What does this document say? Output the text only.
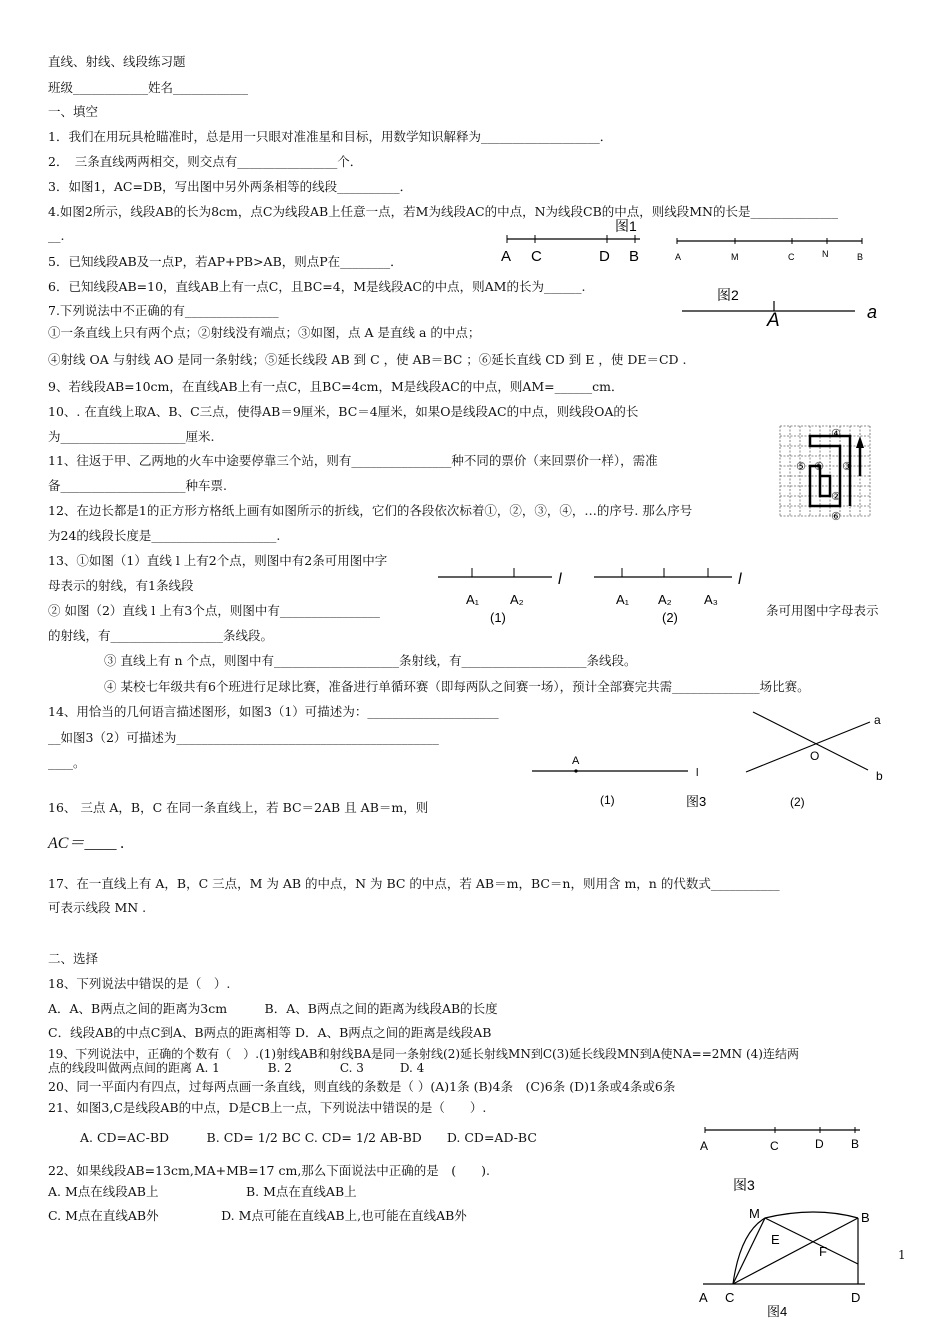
直线、射线、线段练习题
班级____________姓名____________
一、填空
1．我们在用玩具枪瞄准时，总是用一只眼对准准星和目标，用数学知识解释为___________________．
2．　三条直线两两相交，则交点有________________个．
3．如图1，AC=DB，写出图中另外两条相等的线段__________．
4.如图2所示，线段AB的长为8cm，点C为线段AB上任意一点，若M为线段AC的中点，N为线段CB的中点，则线段MN的长是______________
__.
5．已知线段AB及一点P，若AP+PB>AB，则点P在________．
6．已知线段AB=10，直线AB上有一点C，且BC=4，M是线段AC的中点，则AM的长为______.
7.下列说法中不正确的有_______________
①一条直线上只有两个点；②射线没有端点；③如图，点 A 是直线 a 的中点；
④射线 OA 与射线 AO 是同一条射线；⑤延长线段 AB 到 C ，使 AB＝BC ；⑥延长直线 CD 到 E ，使 DE＝CD .
9、若线段AB=10cm，在直线AB上有一点C，且BC=4cm，M是线段AC的中点，则AM=______cm．
10、. 在直线上取A、B、C三点，使得AB＝9厘米，BC＝4厘米，如果O是线段AC的中点，则线段OA的长
为____________________厘米.
11、往返于甲、乙两地的火车中途要停靠三个站，则有________________种不同的票价（来回票价一样），需准
备____________________种车票.
12、在边长都是1的正方形方格纸上画有如图所示的折线，它们的各段依次标着①，②，③，④，…的序号. 那么序号
为24的线段长度是____________________.
13、①如图（1）直线 l 上有2个点，则图中有2条可用图中字
母表示的射线，有1条线段
② 如图（2）直线 l 上有3个点，则图中有________________	条可用图中字母表示
的射线，有__________________条线段。
③ 直线上有 n 个点，则图中有____________________条射线，有____________________条线段。
④ 某校七年级共有6个班进行足球比赛，准备进行单循环赛（即每两队之间赛一场），预计全部赛完共需______________场比赛。
14、用恰当的几何语言描述图形，如图3（1）可描述为：_____________________
__如图3（2）可描述为__________________________________________
____。
16、 三点 A，B，C 在同一条直线上，若 BC＝2AB 且 AB＝m，则
AC＝____ .
17、在一直线上有 A，B，C 三点，M 为 AB 的中点，N 为 BC 的中点，若 AB＝m，BC＝n，则用含 m，n 的代数式___________
可表示线段 MN .
二、选择
18、下列说法中错误的是（　）.
A．A、B两点之间的距离为3cm　　　B．A、B两点之间的距离为线段AB的长度
C．线段AB的中点C到A、B两点的距离相等 D．A、B两点之间的距离是线段AB
19、下列说法中，正确的个数有（　）.(1)射线AB和射线BA是同一条射线(2)延长射线MN到C(3)延长线段MN到A使NA==2MN (4)连结两
点的线段叫做两点间的距离 A. 1　　　　B. 2　　　　C. 3　　　D. 4
20、同一平面内有四点，过每两点画一条直线，则直线的条数是（ ）(A)1条 (B)4条　(C)6条 (D)1条或4条或6条
21、如图3,C是线段AB的中点，D是CB上一点，下列说法中错误的是（　　）.
A. CD=AC-BD　　　B. CD= 1/2 BC C. CD= 1/2 AB-BD　　D. CD=AD-BC
22、如果线段AB=13cm,MA+MB=17 cm,那么下面说法中正确的是　(　　).
A. M点在线段AB上　　　　　　　B. M点在直线AB上
C. M点在直线AB外　　　　　D. M点可能在直线AB上,也可能在直线AB外
1
图1
A C	D B	A	M	C	N	B
图2
A	a
④
⑤ ① ③
②
⑥
l
A₁ A₂
(1)
l
A₁ A₂ A₃
(2)
A
l
(1)	图3
a
O
b
(2)
A	C	D B
图3
M	B
E
F
A C	D
图4
